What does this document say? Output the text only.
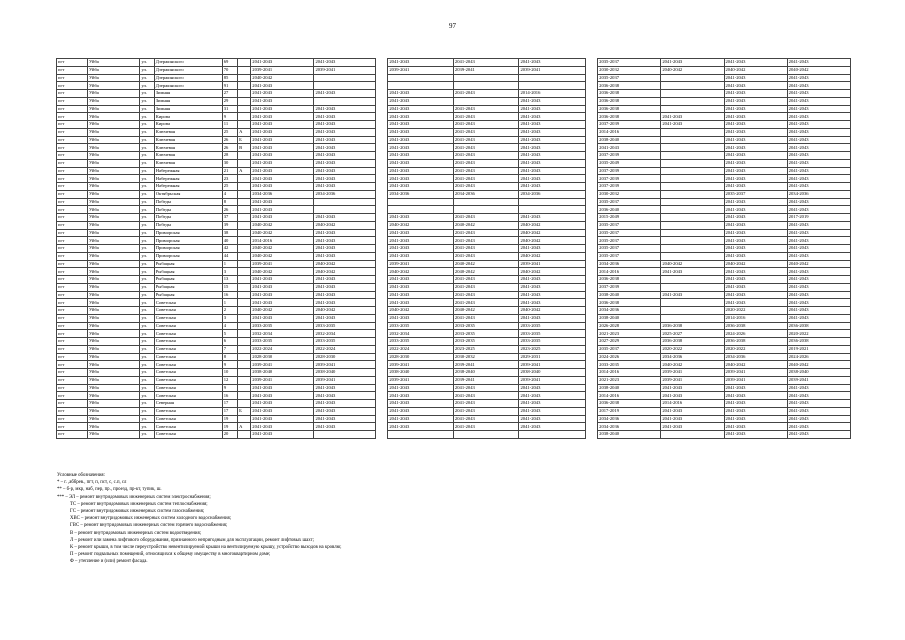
97
пгт	Уйба	ул.	Дзержинского	69		2041-2043	2041-2043		2041-2043	2041-2043	2041-2043		2035-2037	2041-2043	2041-2043	2041-2043
пгт	Уйба	ул.	Дзержинского	70		2039-2041	2039-2041		2039-2041	2039-2041	2039-2041		2030-2032	2040-2042	2040-2042	2040-2042
пгт	Уйба	ул.	Дзержинского	85		2040-2042							2035-2037		2041-2043	2041-2043
пгт	Уйба	ул.	Дзержинского	91		2041-2043							2036-2038		2041-2043	2041-2043
пгт	Уйба	ул.	Зимняя	27		2041-2043	2041-2043		2041-2043	2041-2043	2014-2016		2036-2038		2041-2043	2041-2043
пгт	Уйба	ул.	Зимняя	29		2041-2043			2041-2043		2041-2043		2036-2038		2041-2043	2041-2043
пгт	Уйба	ул.	Зимняя	31		2041-2043	2041-2043		2041-2043	2041-2043	2041-2043		2036-2038		2041-2043	2041-2043
пгт	Уйба	ул.	Кирова	9		2041-2043	2041-2043		2041-2043	2041-2043	2041-2043		2036-2038	2041-2043	2041-2043	2041-2043
пгт	Уйба	ул.	Кирова	11		2041-2043	2041-2043		2041-2043	2041-2043	2041-2043		2037-2039	2041-2043	2041-2043	2041-2043
пгт	Уйба	ул.	Ключевая	25	А	2041-2043	2041-2043		2041-2043	2041-2043	2041-2043		2014-2016		2041-2043	2041-2043
пгт	Уйба	ул.	Ключевая	26	Б	2041-2043	2041-2043		2041-2043	2041-2043	2041-2043		2038-2040		2041-2043	2041-2043
пгт	Уйба	ул.	Ключевая	26	В	2041-2043	2041-2043		2041-2043	2041-2043	2041-2043		2041-2043		2041-2043	2041-2043
пгт	Уйба	ул.	Ключевая	28		2041-2043	2041-2043		2041-2043	2041-2043	2041-2043		2037-2039		2041-2043	2041-2043
пгт	Уйба	ул.	Ключевая	30		2041-2043	2041-2043		2041-2043	2041-2043	2041-2043		2035-2049		2041-2043	2041-2043
пгт	Уйба	ул.	Набережная	21	А	2041-2043	2041-2043		2041-2043	2041-2043	2041-2043		2037-2039		2041-2043	2041-2043
пгт	Уйба	ул.	Набережная	23		2041-2043	2041-2043		2041-2043	2041-2043	2041-2043		2037-2039		2041-2043	2041-2043
пгт	Уйба	ул.	Набережная	25		2041-2043	2041-2043		2041-2043	2041-2043	2041-2043		2037-2039		2041-2043	2041-2043
пгт	Уйба	ул.	Октябрьская	4		2034-2036	2034-2036		2034-2036	2034-2036	2034-2036		2030-2032		2035-2037	2034-2036
пгт	Уйба	ул.	Победы	8		2041-2043							2035-2037		2041-2043	2041-2043
пгт	Уйба	ул.	Победы	26		2041-2043							2036-2040		2041-2043	2041-2043
пгт	Уйба	ул.	Победы	37		2041-2043	2041-2043		2041-2043	2041-2043	2041-2043		2015-2049		2041-2043	2017-2019
пгт	Уйба	ул.	Победы	39		2040-2042	2040-2042		2040-2042	2040-2042	2040-2042		2035-2037		2041-2043	2041-2043
пгт	Уйба	ул.	Приморская	38		2040-2042	2041-2043		2041-2043	2041-2043	2040-2042		2035-2037		2041-2043	2041-2043
пгт	Уйба	ул.	Приморская	40		2014-2016	2041-2043		2041-2043	2041-2043	2040-2042		2035-2037		2041-2043	2041-2043
пгт	Уйба	ул.	Приморская	42		2040-2042	2041-2043		2041-2043	2041-2043	2041-2043		2035-2037		2041-2043	2041-2043
пгт	Уйба	ул.	Приморская	44		2040-2042	2041-2043		2041-2043	2041-2043	2040-2042		2035-2037		2041-2043	2041-2043
пгт	Уйба	ул.	Рыбацкая	1		2039-2041	2040-2042		2039-2041	2040-2042	2039-2041		2034-2036	2040-2042	2040-2042	2040-2042
пгт	Уйба	ул.	Рыбацкая	3		2040-2042	2040-2042		2040-2042	2040-2042	2040-2042		2014-2016	2041-2043	2041-2043	2041-2043
пгт	Уйба	ул.	Рыбацкая	13		2041-2043	2041-2043		2041-2043	2041-2043	2041-2043		2036-2038		2041-2043	2041-2043
пгт	Уйба	ул.	Рыбацкая	15		2041-2043	2041-2043		2041-2043	2041-2043	2041-2043		2037-2039		2041-2043	2041-2043
пгт	Уйба	ул.	Рыбацкая	16		2041-2043	2041-2043		2041-2043	2041-2043	2041-2043		2038-2040	2041-2043	2041-2043	2041-2043
пгт	Уйба	ул.	Советская	1		2041-2043	2041-2043		2041-2043	2041-2043	2041-2043		2036-2038		2041-2043	2041-2043
пгт	Уйба	ул.	Советская	2		2040-2042	2040-2042		2040-2042	2040-2042	2040-2042		2034-2036		2020-2022	2041-2043
пгт	Уйба	ул.	Советская	3		2041-2043	2041-2043		2041-2043	2041-2043	2041-2043		2038-2040		2014-2016	2041-2043
пгт	Уйба	ул.	Советская	4		2033-2035	2033-2035		2033-2035	2033-2035	2033-2035		2026-2028	2036-2038	2036-2038	2036-2038
пгт	Уйба	ул.	Советская	5		2032-2034	2032-2034		2032-2034	2033-2035	2033-2035		2021-2023	2025-2027	2024-2026	2020-2022
пгт	Уйба	ул.	Советская	6		2033-2035	2033-2035		2033-2035	2033-2035	2033-2035		2027-2029	2036-2038	2036-2038	2036-2038
пгт	Уйба	ул.	Советская	7		2022-2024	2022-2024		2022-2024	2023-2025	2023-2025		2035-2037	2020-2022	2020-2022	2019-2021
пгт	Уйба	ул.	Советская	8		2028-2030	2028-2030		2028-2030	2030-2032	2029-2031		2024-2026	2034-2036	2034-2036	2024-2026
пгт	Уйба	ул.	Советская	9		2039-2041	2039-2041		2039-2041	2039-2041	2039-2041		2033-2035	2040-2042	2040-2042	2040-2042
пгт	Уйба	ул.	Советская	10		2038-2040	2038-2040		2038-2040	2038-2040	2038-2040		2014-2016	2039-2041	2039-2041	2038-2040
пгт	Уйба	ул.	Советская	12		2039-2041	2039-2041		2039-2041	2039-2041	2039-2041		2021-2023	2039-2041	2039-2041	2039-2041
пгт	Уйба	ул.	Советская	9		2041-2043	2041-2043		2041-2043	2041-2043	2041-2043		2038-2040	2041-2043	2041-2043	2041-2043
пгт	Уйба	ул.	Советская	16		2041-2043	2041-2043		2041-2043	2041-2043	2041-2043		2014-2016	2041-2043	2041-2043	2041-2043
пгт	Уйба	ул.	Северная	17		2041-2043	2041-2043		2041-2043	2041-2043	2041-2043		2036-2038	2014-2016	2041-2043	2041-2043
пгт	Уйба	ул.	Советская	17	Б	2041-2043	2041-2043		2041-2043	2041-2043	2041-2043		2017-2019	2041-2043	2041-2043	2041-2043
пгт	Уйба	ул.	Советская	19		2041-2043	2041-2043		2041-2043	2041-2043	2041-2043		2034-2036	2041-2043	2041-2043	2041-2043
пгт	Уйба	ул.	Советская	19	А	2041-2043	2041-2043		2041-2043	2041-2043	2041-2043		2034-2036	2041-2043	2041-2043	2041-2043
пгт	Уйба	ул.	Советская	20		2041-2043							2038-2040		2041-2043	2041-2043
Условные обозначения:
* – г. ,аббрев., пгт, п, пст, с, с.п, сл
** – б-р, мкр, наб, пер, пр., проезд, пр-кт, тупик, ш.
*** – ЭЛ – ремонт внутридомовых инженерных систем электроснабжения;
ТС – ремонт внутридомовых инженерных систем теплоснабжения;
ГС – ремонт внутридомовых инженерных систем газоснабжения;
ХВС – ремонт внутридомовых инженерных систем холодного водоснабжения;
ГВС – ремонт внутридомовых инженерных систем горячего водоснабжения;
В – ремонт внутридомовых инженерных систем водоотведения;
Л – ремонт или замена лифтового оборудования, признанного непригодным для эксплуатации, ремонт лифтовых шахт;
К – ремонт крыши, в том числе переустройство невентилируемой крыши на вентилируемую крышу, устройство выходов на кровлю;
П – ремонт подвальных помещений, относящихся к общему имуществу в многоквартирном доме;
Ф – утепление и (или) ремонт фасада.
